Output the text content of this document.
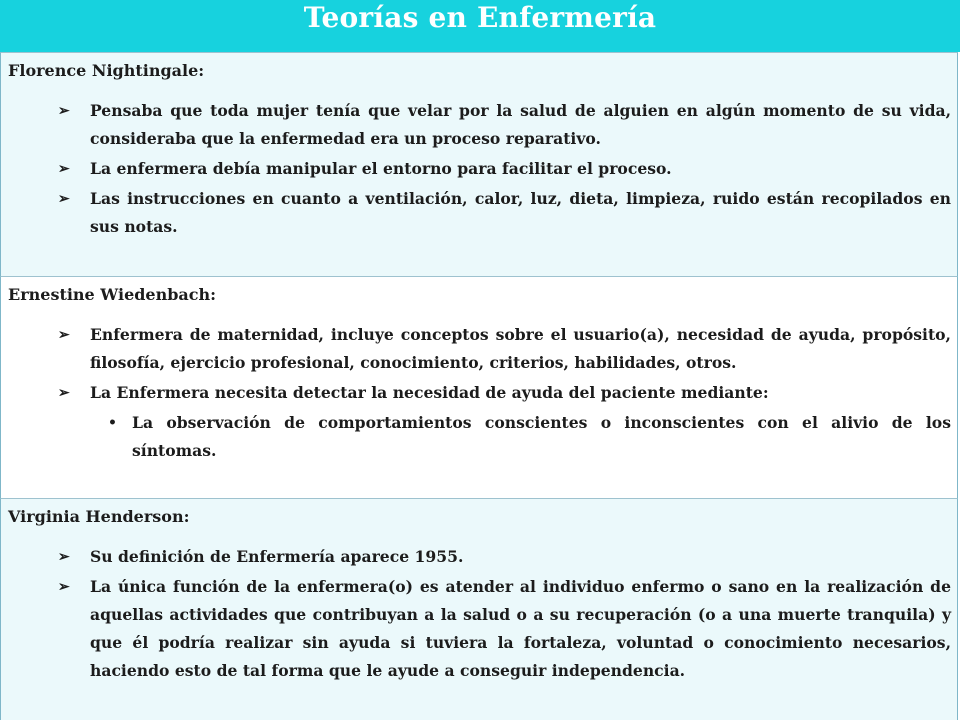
Teorías en Enfermería
Florence Nightingale:
➢ Pensaba que toda mujer tenía que velar por la salud de alguien en algún momento de su vida, consideraba que la enfermedad era un proceso reparativo.
➢ La enfermera debía manipular el entorno para facilitar el proceso.
➢ Las instrucciones en cuanto a ventilación, calor, luz, dieta, limpieza, ruido están recopilados en sus notas.
Ernestine Wiedenbach:
➢ Enfermera de maternidad, incluye conceptos sobre el usuario(a), necesidad de ayuda, propósito, filosofía, ejercicio profesional, conocimiento, criterios, habilidades, otros.
➢ La Enfermera necesita detectar la necesidad de ayuda del paciente mediante:
• La observación de comportamientos conscientes o inconscientes con el alivio de los síntomas.
Virginia Henderson:
➢ Su definición de Enfermería aparece 1955.
➢ La única función de la enfermera(o) es atender al individuo enfermo o sano en la realización de aquellas actividades que contribuyan a la salud o a su recuperación (o a una muerte tranquila) y que él podría realizar sin ayuda si tuviera la fortaleza, voluntad o conocimiento necesarios, haciendo esto de tal forma que le ayude a conseguir independencia.
